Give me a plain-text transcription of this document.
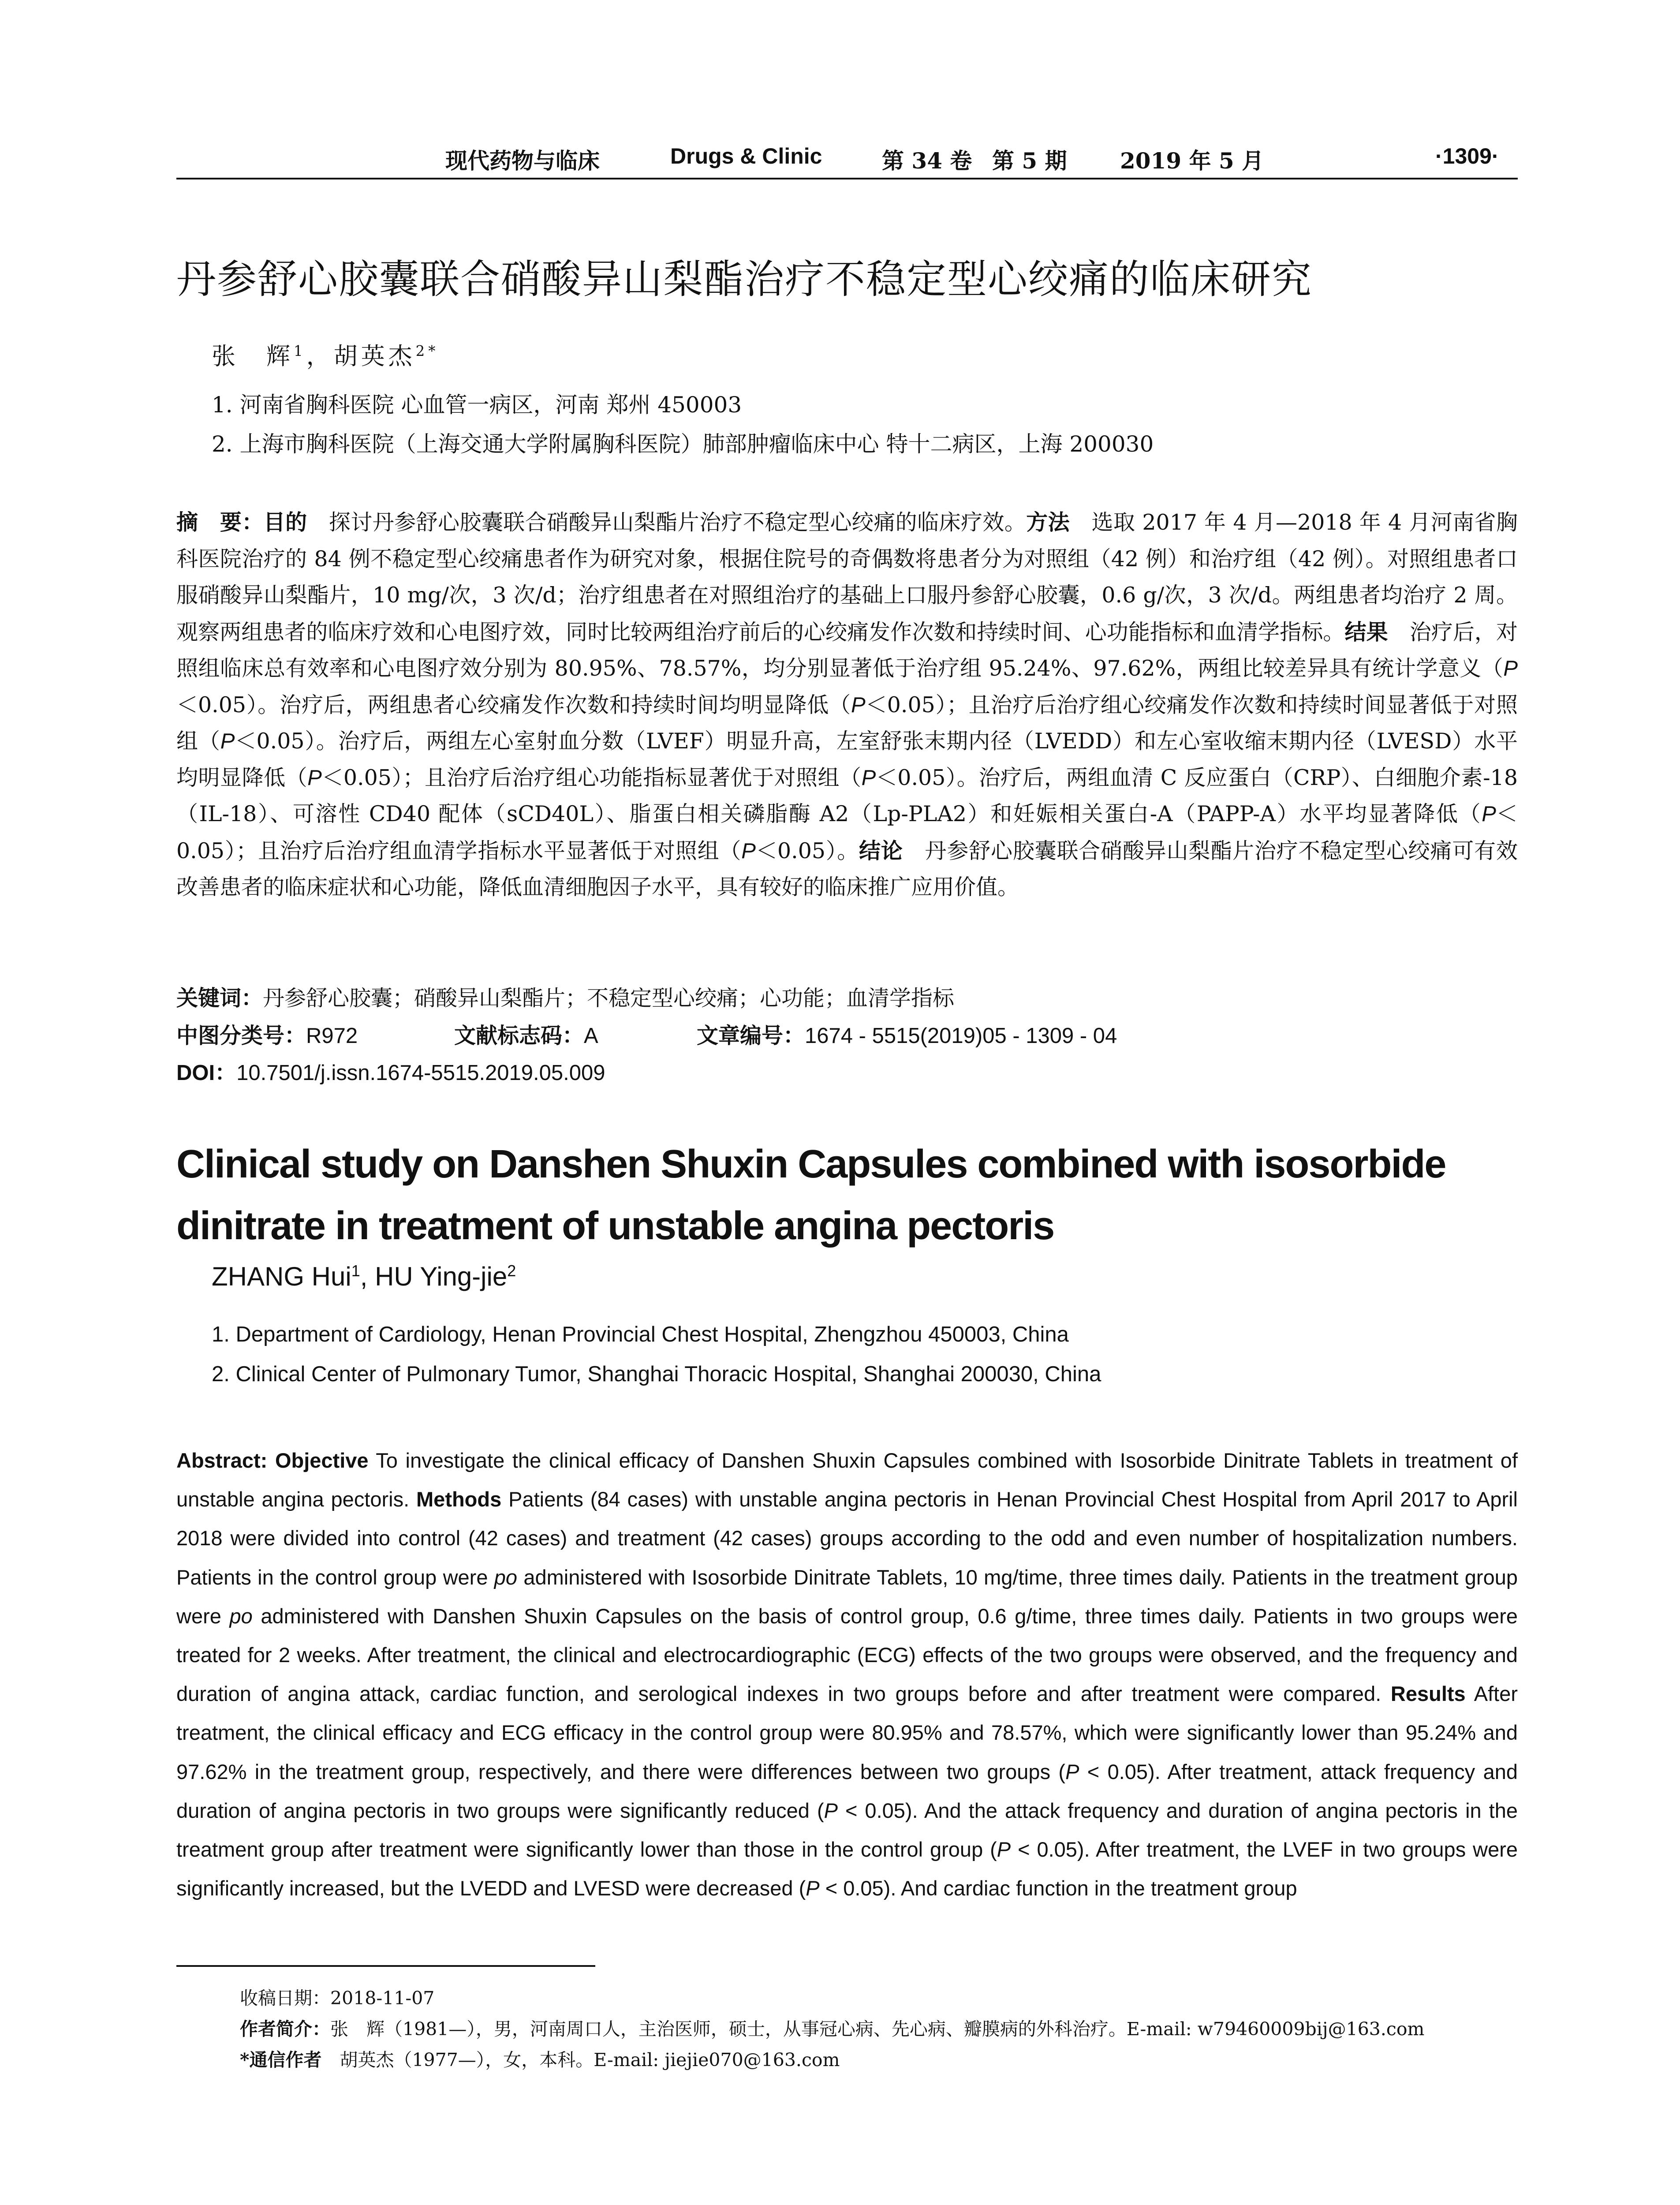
现代药物与临床	Drugs & Clinic	第 34 卷 第 5 期 2019 年 5 月	·1309·
丹参舒心胶囊联合硝酸异山梨酯治疗不稳定型心绞痛的临床研究
张　辉$^1$，胡英杰$^{2*}$
1. 河南省胸科医院 心血管一病区，河南 郑州 450003
2. 上海市胸科医院（上海交通大学附属胸科医院）肺部肿瘤临床中心 特十二病区，上海 200030
摘　要：目的　探讨丹参舒心胶囊联合硝酸异山梨酯片治疗不稳定型心绞痛的临床疗效。方法　选取 2017 年 4 月—2018 年 4 月河南省胸科医院治疗的 84 例不稳定型心绞痛患者作为研究对象，根据住院号的奇偶数将患者分为对照组（42 例）和治疗组（42 例）。对照组患者口服硝酸异山梨酯片，10 mg/次，3 次/d；治疗组患者在对照组治疗的基础上口服丹参舒心胶囊，0.6 g/次，3 次/d。两组患者均治疗 2 周。观察两组患者的临床疗效和心电图疗效，同时比较两组治疗前后的心绞痛发作次数和持续时间、心功能指标和血清学指标。结果　治疗后，对照组临床总有效率和心电图疗效分别为 80.95%、78.57%，均分别显著低于治疗组 95.24%、97.62%，两组比较差异具有统计学意义（P＜0.05）。治疗后，两组患者心绞痛发作次数和持续时间均明显降低（P＜0.05）；且治疗后治疗组心绞痛发作次数和持续时间显著低于对照组（P＜0.05）。治疗后，两组左心室射血分数（LVEF）明显升高，左室舒张末期内径（LVEDD）和左心室收缩末期内径（LVESD）水平均明显降低（P＜0.05）；且治疗后治疗组心功能指标显著优于对照组（P＜0.05）。治疗后，两组血清 C 反应蛋白（CRP）、白细胞介素-18（IL-18）、可溶性 CD40 配体（sCD40L）、脂蛋白相关磷脂酶 A2（Lp-PLA2）和妊娠相关蛋白-A（PAPP-A）水平均显著降低（P＜0.05）；且治疗后治疗组血清学指标水平显著低于对照组（P＜0.05）。结论　丹参舒心胶囊联合硝酸异山梨酯片治疗不稳定型心绞痛可有效改善患者的临床症状和心功能，降低血清细胞因子水平，具有较好的临床推广应用价值。
关键词：丹参舒心胶囊；硝酸异山梨酯片；不稳定型心绞痛；心功能；血清学指标
中图分类号：R972	文献标志码：A	文章编号：1674 - 5515(2019)05 - 1309 - 04
DOI：10.7501/j.issn.1674-5515.2019.05.009
Clinical study on Danshen Shuxin Capsules combined with isosorbide dinitrate in treatment of unstable angina pectoris
ZHANG Hui$^1$, HU Ying-jie$^2$
1. Department of Cardiology, Henan Provincial Chest Hospital, Zhengzhou 450003, China
2. Clinical Center of Pulmonary Tumor, Shanghai Thoracic Hospital, Shanghai 200030, China
Abstract: Objective To investigate the clinical efficacy of Danshen Shuxin Capsules combined with Isosorbide Dinitrate Tablets in treatment of unstable angina pectoris. Methods Patients (84 cases) with unstable angina pectoris in Henan Provincial Chest Hospital from April 2017 to April 2018 were divided into control (42 cases) and treatment (42 cases) groups according to the odd and even number of hospitalization numbers. Patients in the control group were po administered with Isosorbide Dinitrate Tablets, 10 mg/time, three times daily. Patients in the treatment group were po administered with Danshen Shuxin Capsules on the basis of control group, 0.6 g/time, three times daily. Patients in two groups were treated for 2 weeks. After treatment, the clinical and electrocardiographic (ECG) effects of the two groups were observed, and the frequency and duration of angina attack, cardiac function, and serological indexes in two groups before and after treatment were compared. Results After treatment, the clinical efficacy and ECG efficacy in the control group were 80.95% and 78.57%, which were significantly lower than 95.24% and 97.62% in the treatment group, respectively, and there were differences between two groups (P < 0.05). After treatment, attack frequency and duration of angina pectoris in two groups were significantly reduced (P < 0.05). And the attack frequency and duration of angina pectoris in the treatment group after treatment were significantly lower than those in the control group (P < 0.05). After treatment, the LVEF in two groups were significantly increased, but the LVEDD and LVESD were decreased (P < 0.05). And cardiac function in the treatment group
收稿日期：2018-11-07
作者简介：张　辉（1981—），男，河南周口人，主治医师，硕士，从事冠心病、先心病、瓣膜病的外科治疗。E-mail: w79460009bij@163.com
*通信作者　胡英杰（1977—），女，本科。E-mail: jiejie070@163.com
